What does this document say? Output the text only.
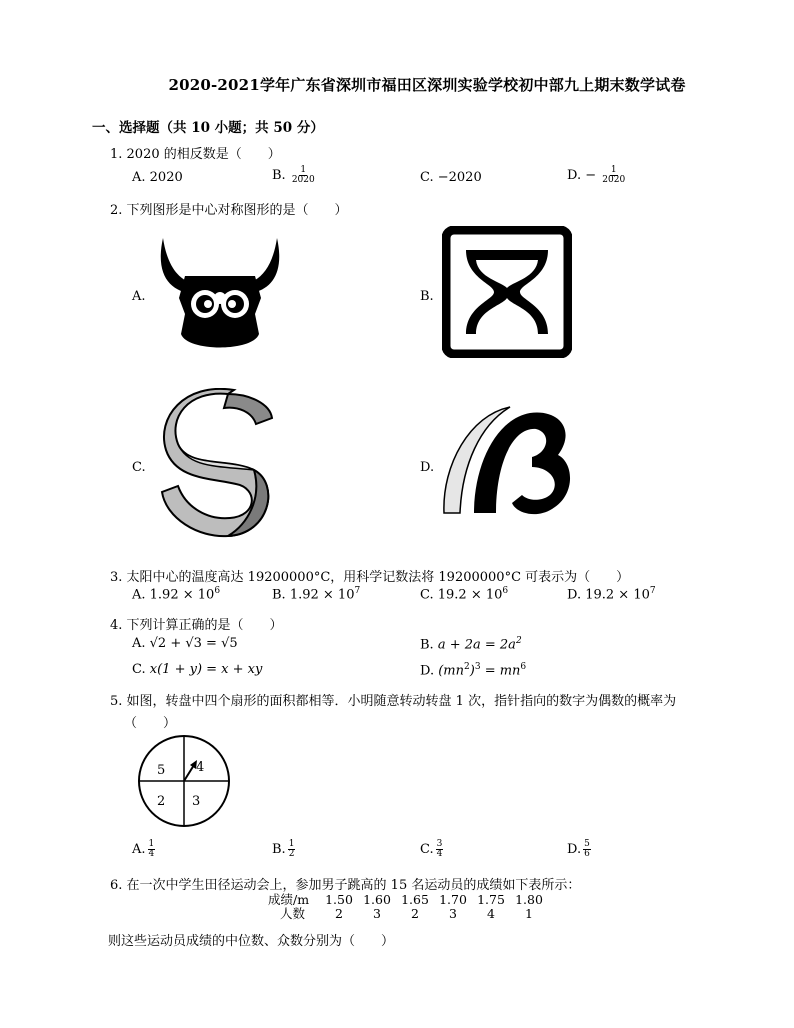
2020-2021学年广东省深圳市福田区深圳实验学校初中部九上期末数学试卷
一、选择题（共 10 小题；共 50 分）
1. 2020 的相反数是（　　）
A. 2020	B. $\frac{1}{2020}$	C. −2020	D. − $\frac{1}{2020}$
2. 下列图形是中心对称图形的是（　　）
A.	B.
C.	D.
3. 太阳中心的温度高达 19200000°C，用科学记数法将 19200000°C 可表示为（　　）
A. $1.92 \times 10^6$	B. $1.92 \times 10^7$	C. $19.2 \times 10^6$	D. $19.2 \times 10^7$
4. 下列计算正确的是（　　）
A. √2 + √3 = √5	B. $a + 2a = 2a^2$
C. x(1 + y) = x + xy	D. $(mn^2)^3 = mn^6$
5. 如图，转盘中四个扇形的面积都相等．小明随意转动转盘 1 次，指针指向的数字为偶数的概率为
（　　）
5 4
2 3
A. $\frac{1}{4}$	B. $\frac{1}{2}$	C. $\frac{3}{4}$	D. $\frac{5}{6}$
6. 在一次中学生田径运动会上，参加男子跳高的 15 名运动员的成绩如下表所示：
成绩/m	1.50 1.60 1.65 1.70 1.75 1.80
人数	2	3	2	3	4	1
则这些运动员成绩的中位数、众数分别为（　　）
